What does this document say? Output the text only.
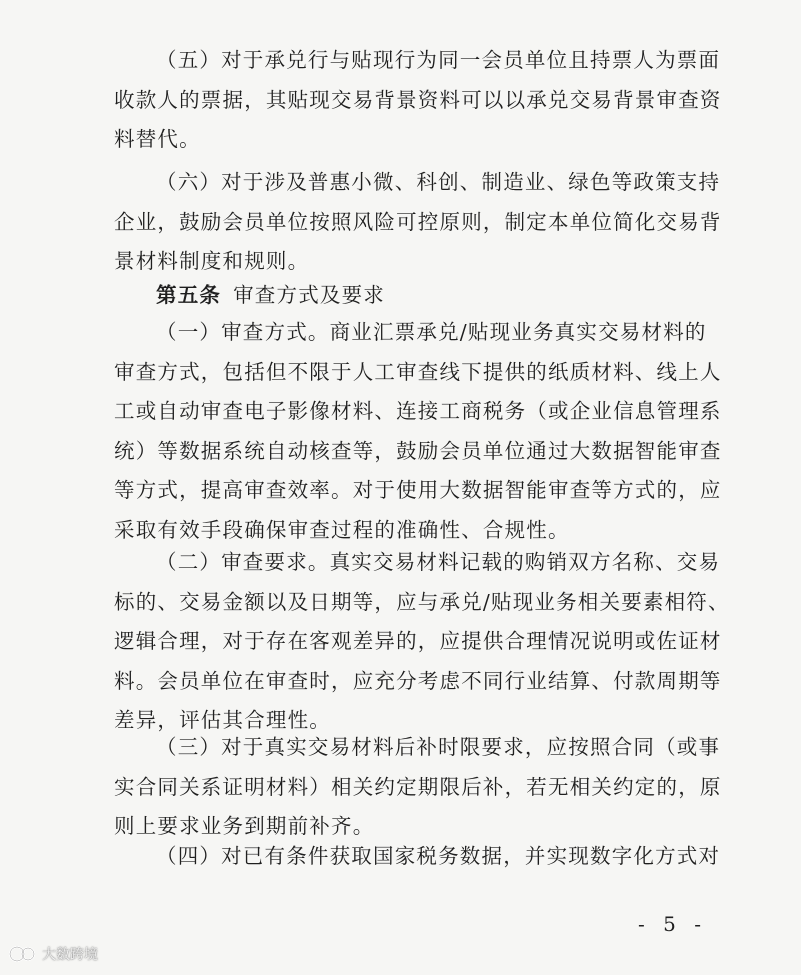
（五）对于承兑行与贴现行为同一会员单位且持票人为票面
收款人的票据，其贴现交易背景资料可以以承兑交易背景审查资
料替代。
（六）对于涉及普惠小微、科创、制造业、绿色等政策支持
企业，鼓励会员单位按照风险可控原则，制定本单位简化交易背
景材料制度和规则。
第五条 审查方式及要求
（一）审查方式。商业汇票承兑/贴现业务真实交易材料的
审查方式，包括但不限于人工审查线下提供的纸质材料、线上人
工或自动审查电子影像材料、连接工商税务（或企业信息管理系
统）等数据系统自动核查等，鼓励会员单位通过大数据智能审查
等方式，提高审查效率。对于使用大数据智能审查等方式的，应
采取有效手段确保审查过程的准确性、合规性。
（二）审查要求。真实交易材料记载的购销双方名称、交易
标的、交易金额以及日期等，应与承兑/贴现业务相关要素相符、
逻辑合理，对于存在客观差异的，应提供合理情况说明或佐证材
料。会员单位在审查时，应充分考虑不同行业结算、付款周期等
差异，评估其合理性。
（三）对于真实交易材料后补时限要求，应按照合同（或事
实合同关系证明材料）相关约定期限后补，若无相关约定的，原
则上要求业务到期前补齐。
（四）对已有条件获取国家税务数据，并实现数字化方式对
- 5 -
大数跨境
